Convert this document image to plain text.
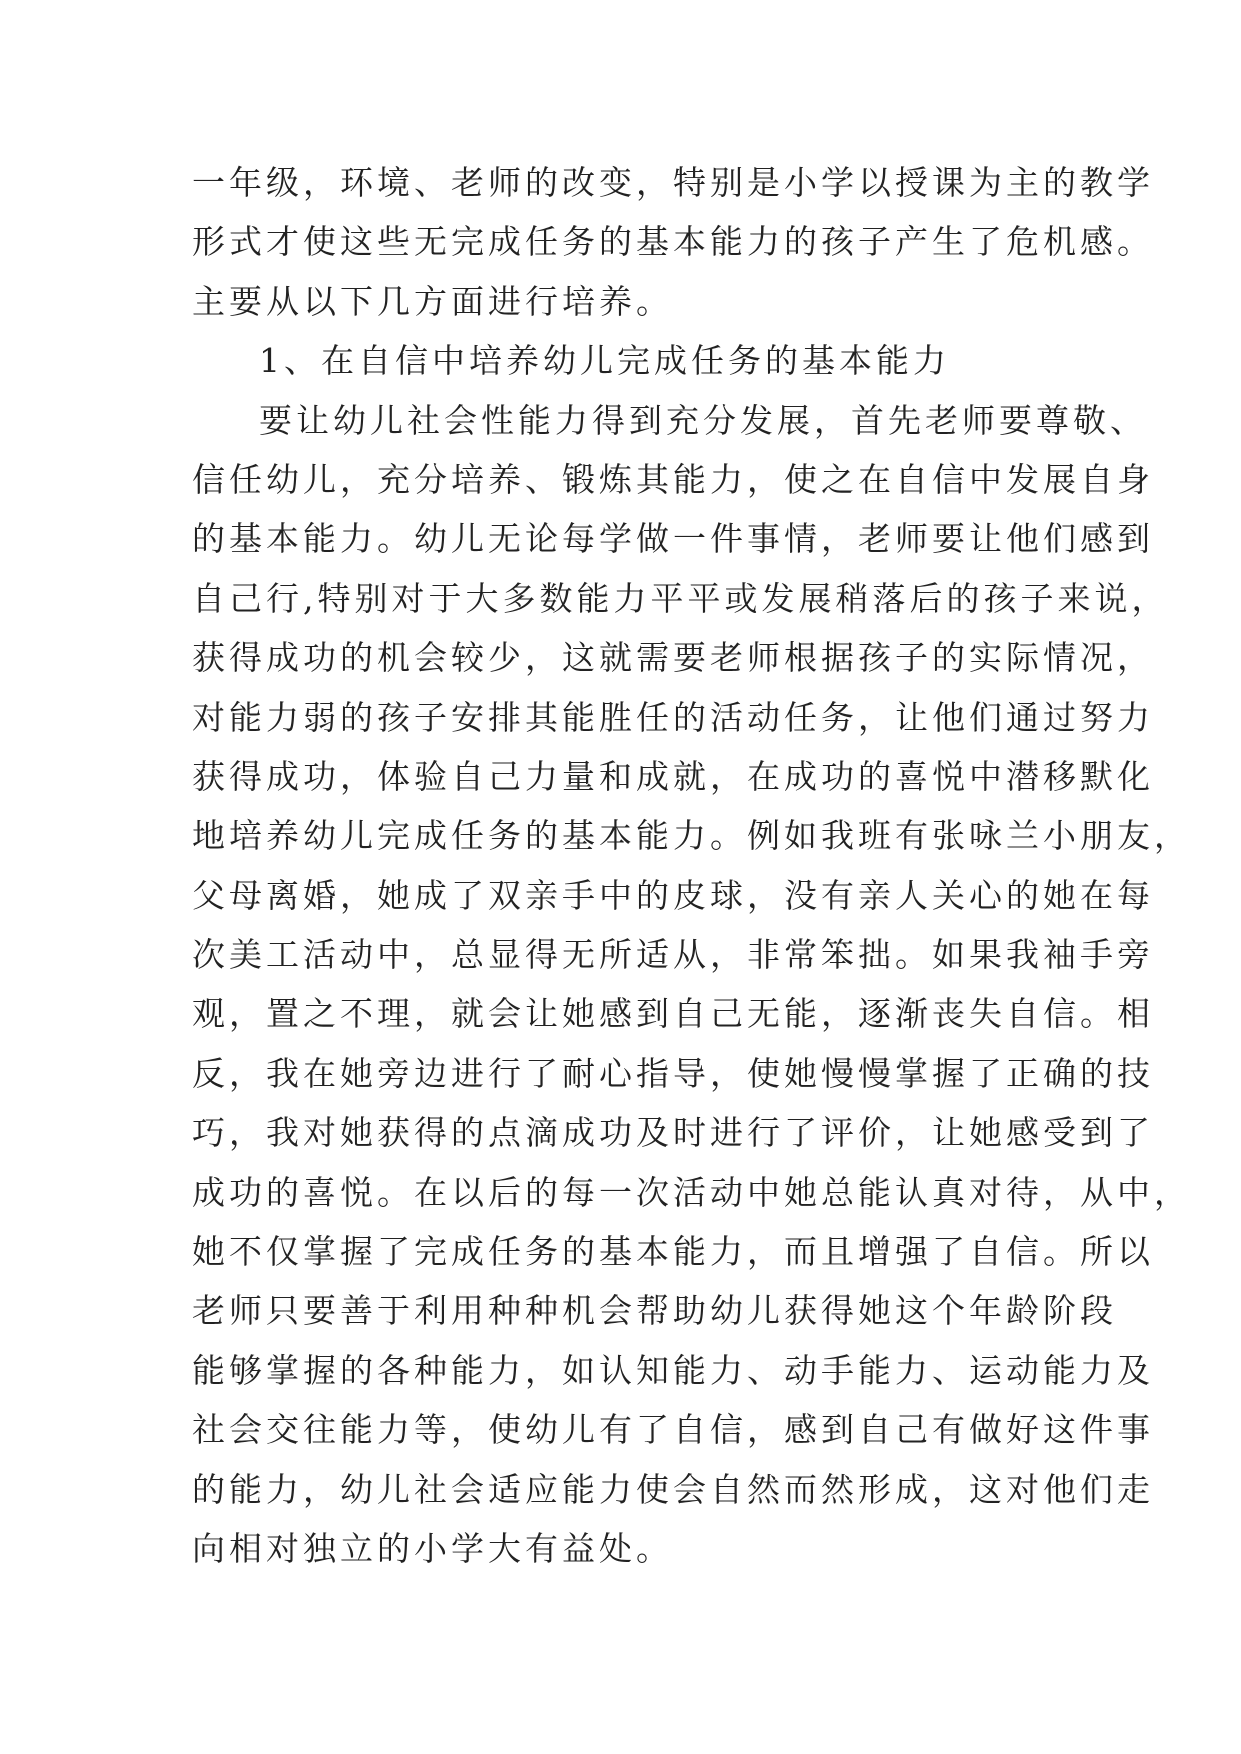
一年级，环境、老师的改变，特别是小学以授课为主的教学
形式才使这些无完成任务的基本能力的孩子产生了危机感。
主要从以下几方面进行培养。
1、在自信中培养幼儿完成任务的基本能力
要让幼儿社会性能力得到充分发展，首先老师要尊敬、
信任幼儿，充分培养、锻炼其能力，使之在自信中发展自身
的基本能力。幼儿无论每学做一件事情，老师要让他们感到
自己行,特别对于大多数能力平平或发展稍落后的孩子来说，
获得成功的机会较少，这就需要老师根据孩子的实际情况，
对能力弱的孩子安排其能胜任的活动任务，让他们通过努力
获得成功，体验自己力量和成就，在成功的喜悦中潜移默化
地培养幼儿完成任务的基本能力。例如我班有张咏兰小朋友，
父母离婚，她成了双亲手中的皮球，没有亲人关心的她在每
次美工活动中，总显得无所适从，非常笨拙。如果我袖手旁
观，置之不理，就会让她感到自己无能，逐渐丧失自信。相
反，我在她旁边进行了耐心指导，使她慢慢掌握了正确的技
巧，我对她获得的点滴成功及时进行了评价，让她感受到了
成功的喜悦。在以后的每一次活动中她总能认真对待，从中，
她不仅掌握了完成任务的基本能力，而且增强了自信。所以
老师只要善于利用种种机会帮助幼儿获得她这个年龄阶段
能够掌握的各种能力，如认知能力、动手能力、运动能力及
社会交往能力等，使幼儿有了自信，感到自己有做好这件事
的能力，幼儿社会适应能力使会自然而然形成，这对他们走
向相对独立的小学大有益处。
